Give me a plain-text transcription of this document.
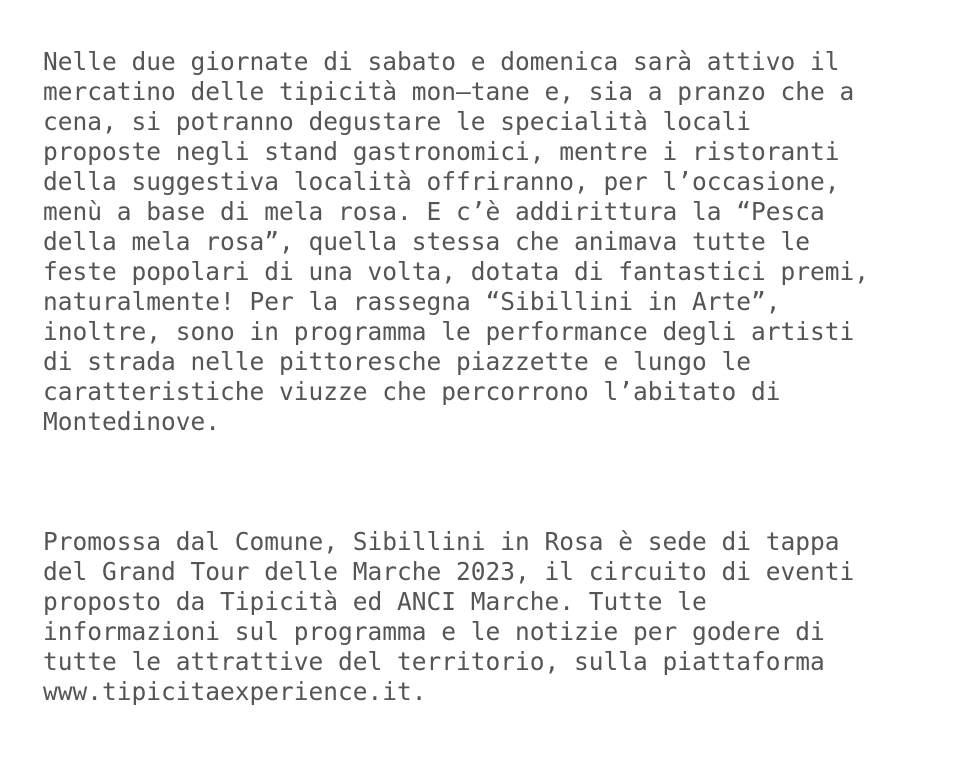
Nelle due giornate di sabato e domenica sarà attivo il
mercatino delle tipicità mon–tane e, sia a pranzo che a
cena, si potranno degustare le specialità locali
proposte negli stand gastronomici, mentre i ristoranti
della suggestiva località offriranno, per l’occasione,
menù a base di mela rosa. E c’è addirittura la “Pesca
della mela rosa”, quella stessa che animava tutte le
feste popolari di una volta, dotata di fantastici premi,
naturalmente! Per la rassegna “Sibillini in Arte”,
inoltre, sono in programma le performance degli artisti
di strada nelle pittoresche piazzette e lungo le
caratteristiche viuzze che percorrono l’abitato di
Montedinove.
Promossa dal Comune, Sibillini in Rosa è sede di tappa
del Grand Tour delle Marche 2023, il circuito di eventi
proposto da Tipicità ed ANCI Marche. Tutte le
informazioni sul programma e le notizie per godere di
tutte le attrattive del territorio, sulla piattaforma
www.tipicitaexperience.it.
